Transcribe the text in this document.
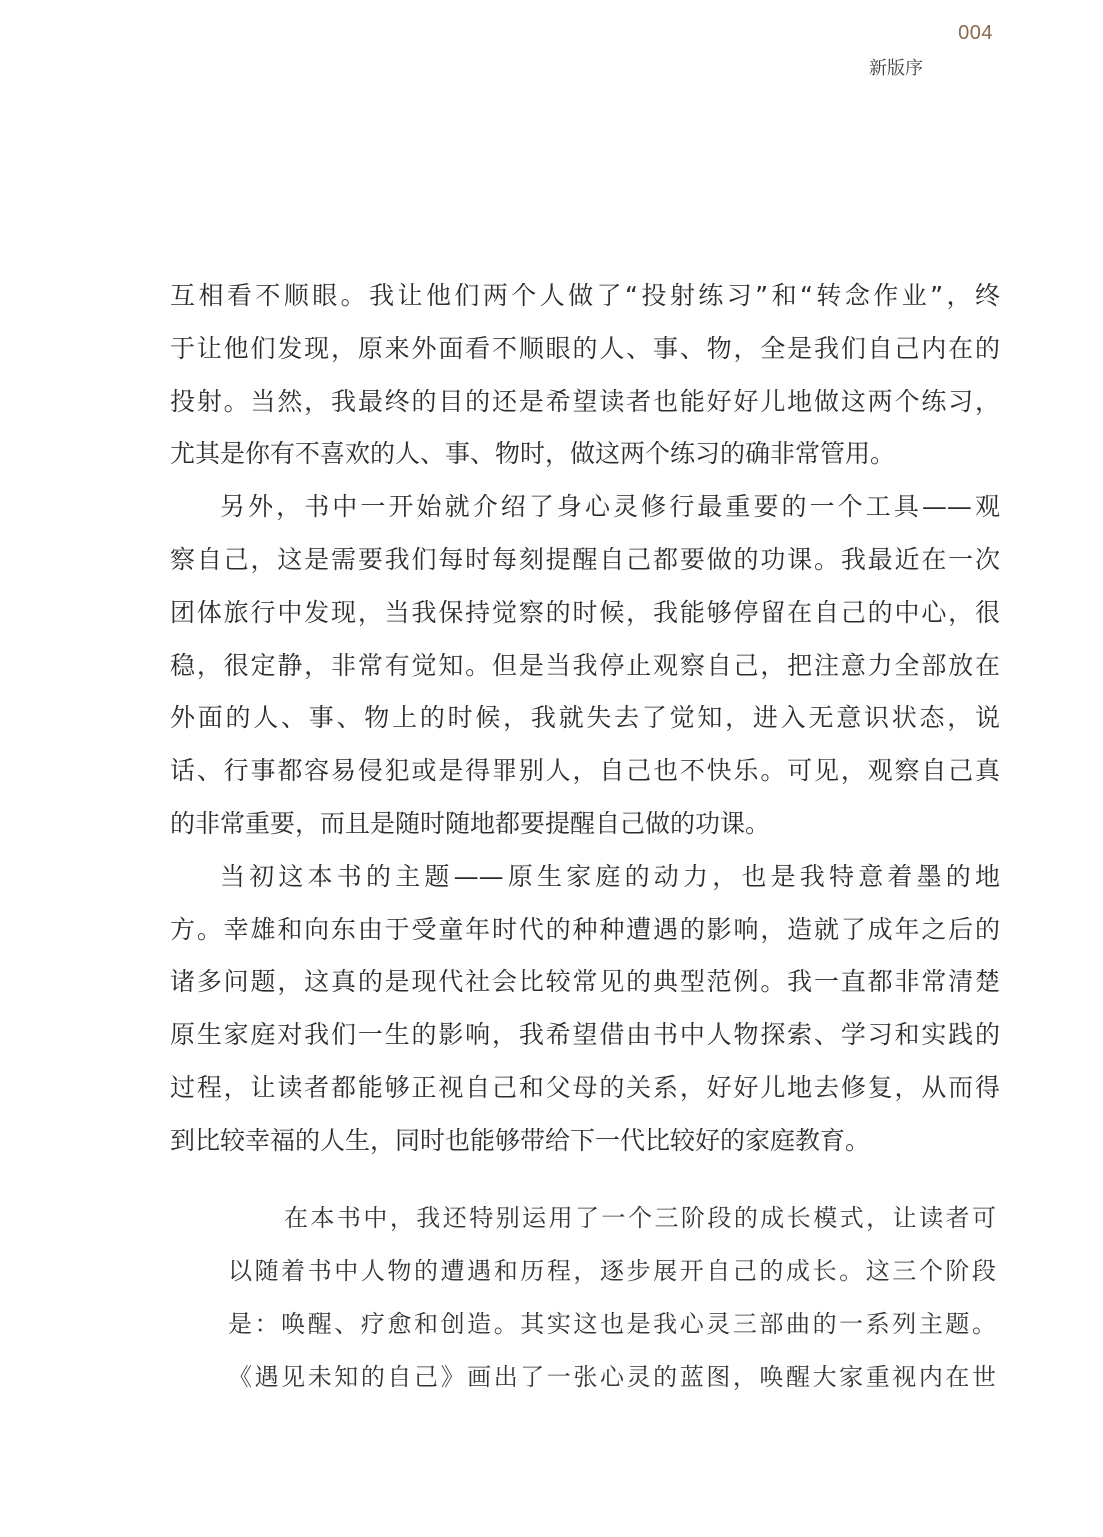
004
新版序
互相看不顺眼。我让他们两个人做了“投射练习”和“转念作业”，终
于让他们发现，原来外面看不顺眼的人、事、物，全是我们自己内在的
投射。当然，我最终的目的还是希望读者也能好好儿地做这两个练习，
尤其是你有不喜欢的人、事、物时，做这两个练习的确非常管用。
另外，书中一开始就介绍了身心灵修行最重要的一个工具——观
察自己，这是需要我们每时每刻提醒自己都要做的功课。我最近在一次
团体旅行中发现，当我保持觉察的时候，我能够停留在自己的中心，很
稳，很定静，非常有觉知。但是当我停止观察自己，把注意力全部放在
外面的人、事、物上的时候，我就失去了觉知，进入无意识状态，说
话、行事都容易侵犯或是得罪别人，自己也不快乐。可见，观察自己真
的非常重要，而且是随时随地都要提醒自己做的功课。
当初这本书的主题——原生家庭的动力，也是我特意着墨的地
方。幸雄和向东由于受童年时代的种种遭遇的影响，造就了成年之后的
诸多问题，这真的是现代社会比较常见的典型范例。我一直都非常清楚
原生家庭对我们一生的影响，我希望借由书中人物探索、学习和实践的
过程，让读者都能够正视自己和父母的关系，好好儿地去修复，从而得
到比较幸福的人生，同时也能够带给下一代比较好的家庭教育。
在本书中，我还特别运用了一个三阶段的成长模式，让读者可
以随着书中人物的遭遇和历程，逐步展开自己的成长。这三个阶段
是：唤醒、疗愈和创造。其实这也是我心灵三部曲的一系列主题。
《遇见未知的自己》画出了一张心灵的蓝图，唤醒大家重视内在世
